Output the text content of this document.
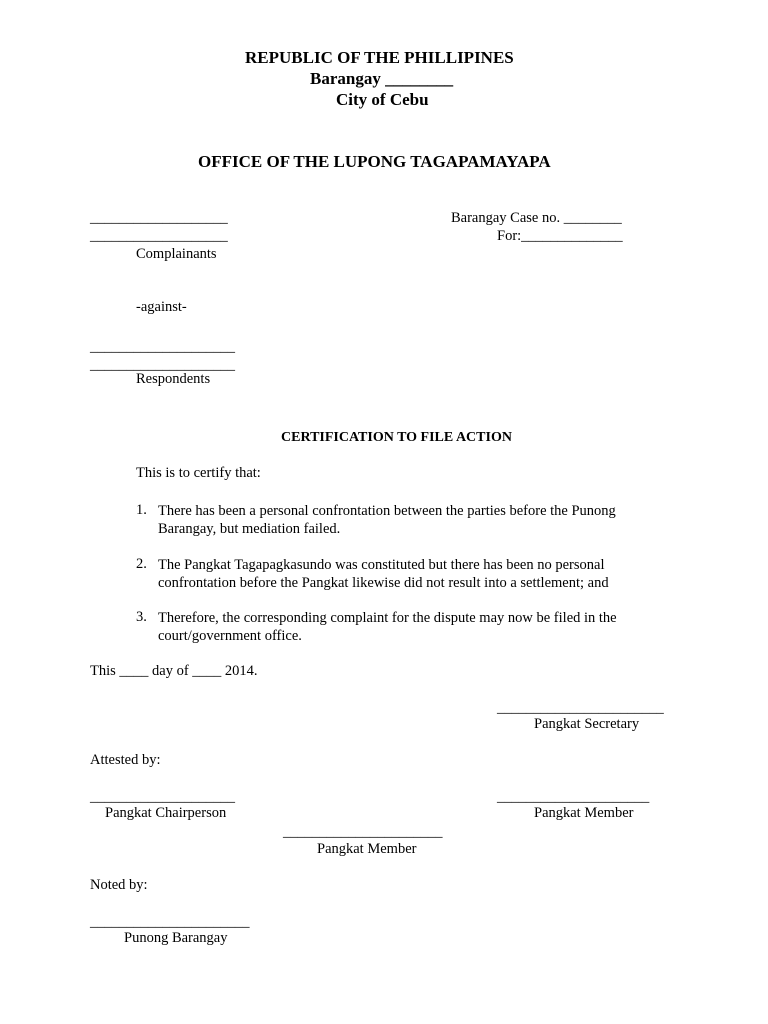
REPUBLIC OF THE PHILLIPINES
Barangay ________
City of Cebu
OFFICE OF THE LUPONG TAGAPAMAYAPA
___________________
___________________
Complainants
Barangay Case no. ________
For:______________
-against-
____________________
____________________
Respondents
CERTIFICATION TO FILE ACTION
This is to certify that:
1. There has been a personal confrontation between the parties before the Punong Barangay, but mediation failed.
2. The Pangkat Tagapagkasundo was constituted but there has been no personal confrontation before the Pangkat likewise did not result into a settlement; and
3. Therefore, the corresponding complaint for the dispute may now be filed in the court/government office.
This ____ day of ____ 2014.
_______________________
Pangkat Secretary
Attested by:
____________________
Pangkat Chairperson
_____________________
Pangkat Member
______________________
Pangkat Member
Noted by:
______________________
Punong Barangay
